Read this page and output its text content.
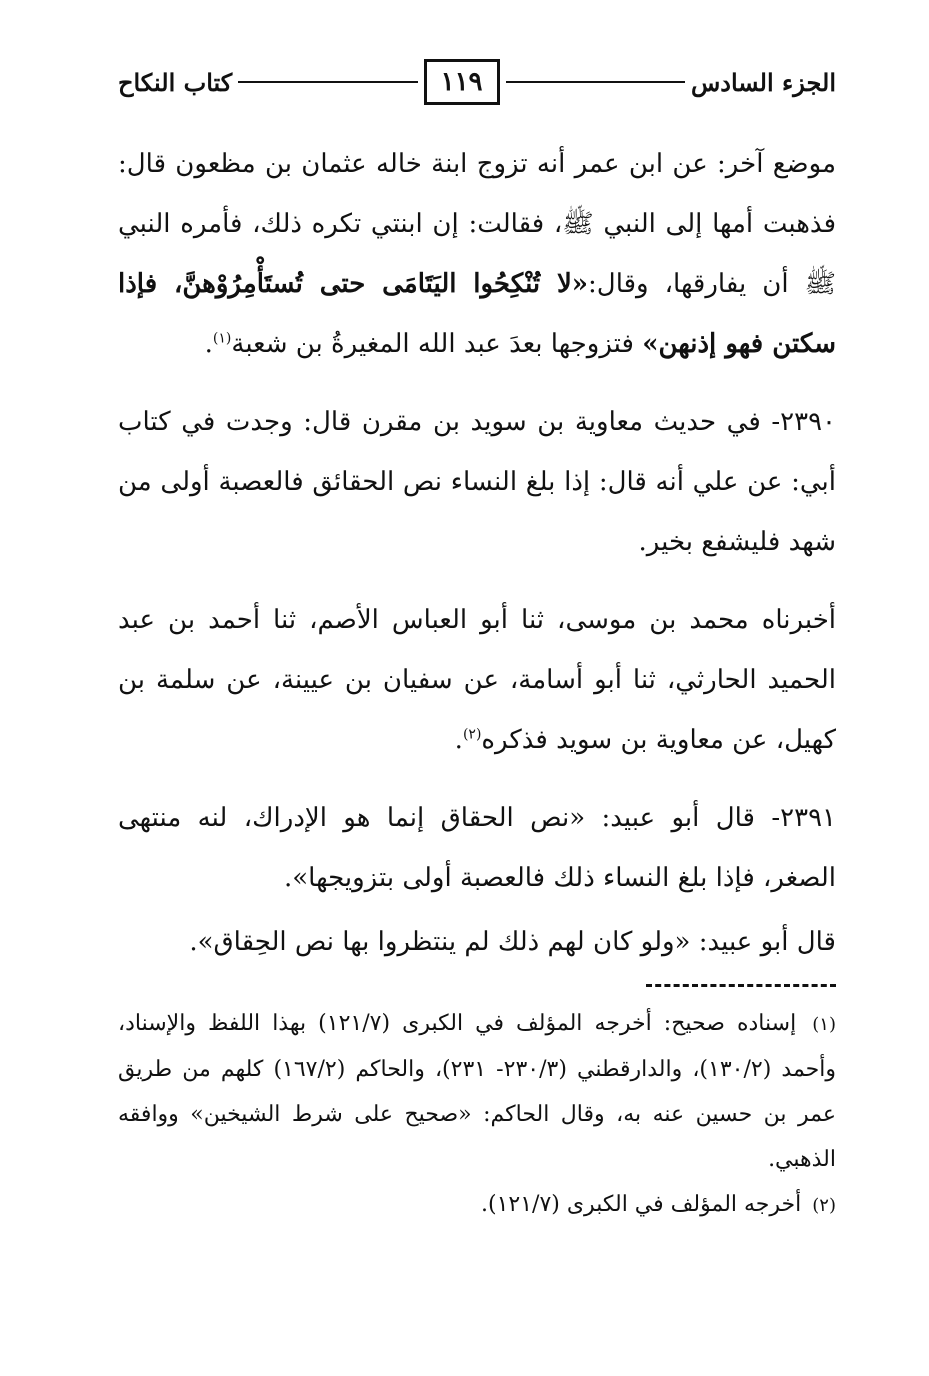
الجزء السادس
١١٩
كتاب النكاح

موضع آخر: عن ابن عمر أنه تزوج ابنة خاله عثمان بن مظعون قال: فذهبت أمها إلى النبي ﷺ، فقالت: إن ابنتي تكره ذلك، فأمره النبي ﷺ أن يفارقها، وقال:«لا تُنْكِحُوا اليَتَامَى حتى تُستَأْمِرُوْهنَّ، فإذا سكتن فهو إذنهن» فتزوجها بعدَ عبد الله المغيرةُ بن شعبة$^{(١)}$.

٢٣٩٠- في حديث معاوية بن سويد بن مقرن قال: وجدت في كتاب أبي: عن علي أنه قال: إذا بلغ النساء نص الحقائق فالعصبة أولى من شهد فليشفع بخير.

أخبرناه محمد بن موسى، ثنا أبو العباس الأصم، ثنا أحمد بن عبد الحميد الحارثي، ثنا أبو أسامة، عن سفيان بن عيينة، عن سلمة بن كهيل، عن معاوية بن سويد فذكره$^{(٢)}$.

٢٣٩١- قال أبو عبيد: «نص الحقاق إنما هو الإدراك، لنه منتهى الصغر، فإذا بلغ النساء ذلك فالعصبة أولى بتزويجها».

قال أبو عبيد: «ولو كان لهم ذلك لم ينتظروا بها نص الحِقاق».

(١) إسناده صحيح: أخرجه المؤلف في الكبرى (١٢١/٧) بهذا اللفظ والإسناد، وأحمد (١٣٠/٢)، والدارقطني (٢٣٠/٣- ٢٣١)، والحاكم (١٦٧/٢) كلهم من طريق عمر بن حسين عنه به، وقال الحاكم: «صحيح على شرط الشيخين» ووافقه الذهبي.

(٢) أخرجه المؤلف في الكبرى (١٢١/٧).
